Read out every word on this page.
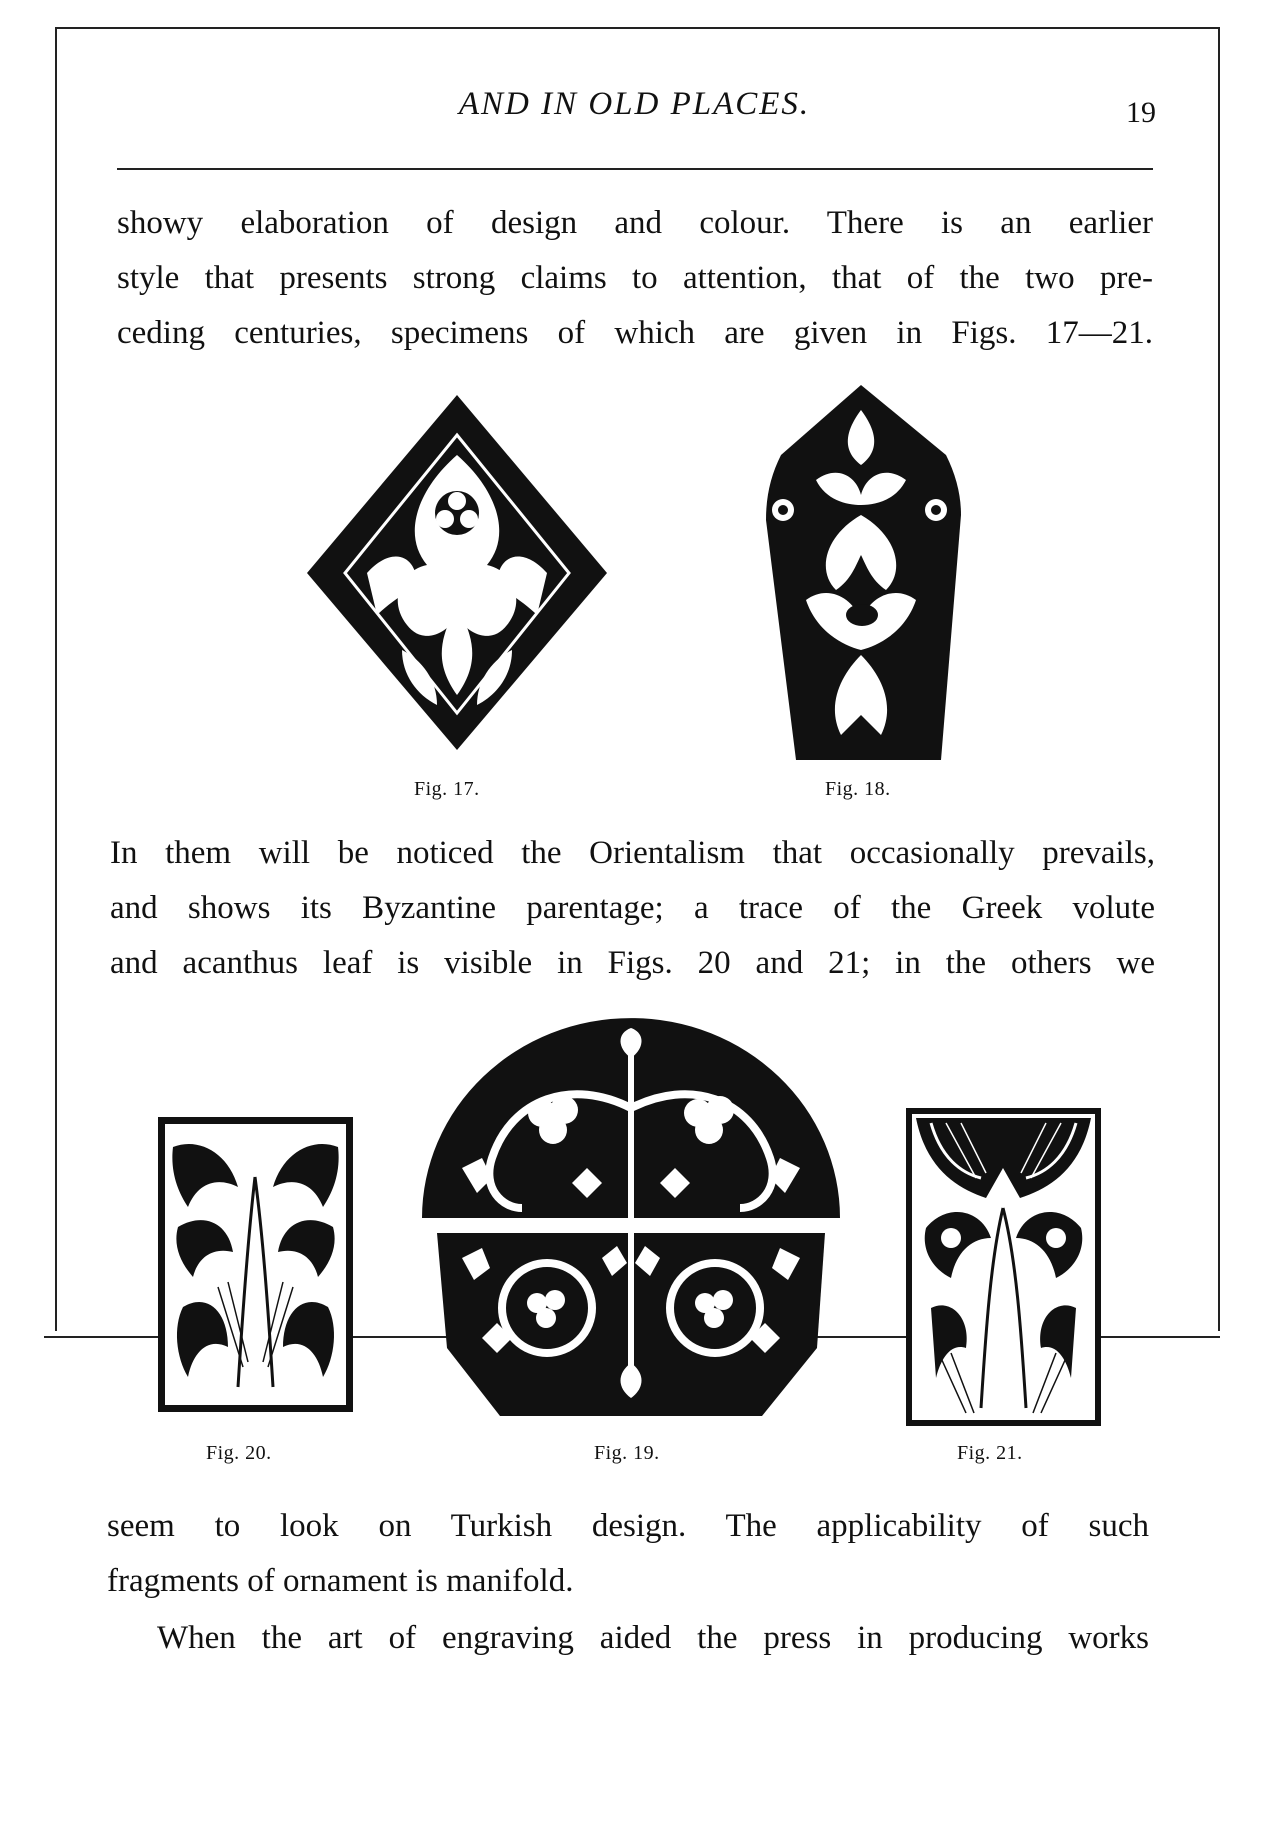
AND IN OLD PLACES.	19
showy elaboration of design and colour. There is an earlier
style that presents strong claims to attention, that of the two pre-
ceding centuries, specimens of which are given in Figs. 17—21.
Fig. 17.	Fig. 18.
In them will be noticed the Orientalism that occasionally prevails,
and shows its Byzantine parentage; a trace of the Greek volute
and acanthus leaf is visible in Figs. 20 and 21; in the others we
Fig. 20.	Fig. 19.	Fig. 21.
seem to look on Turkish design. The applicability of such
fragments of ornament is manifold.
When the art of engraving aided the press in producing works
